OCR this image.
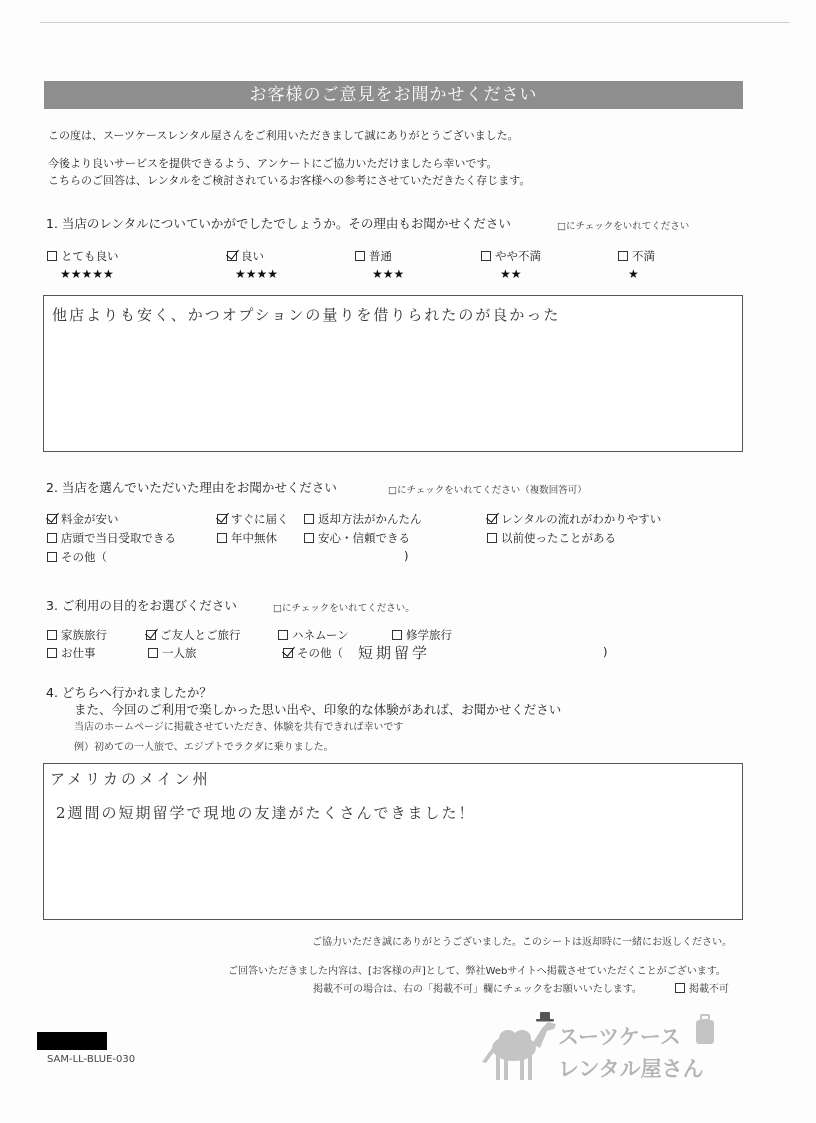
お客様のご意見をお聞かせください
この度は、スーツケースレンタル屋さんをご利用いただきまして誠にありがとうございました。
今後より良いサービスを提供できるよう、アンケートにご協力いただけましたら幸いです。
こちらのご回答は、レンタルをご検討されているお客様への参考にさせていただきたく存じます。
1. 当店のレンタルについていかがでしたでしょうか。その理由もお聞かせください	□にチェックをいれてください
とても良い
★★★★★
良い
★★★★
普通
★★★
やや不満
★★
不満
★
他店よりも安く、かつオプションの量りを借りられたのが良かった
2. 当店を選んでいただいた理由をお聞かせください	□にチェックをいれてください（複数回答可）
料金が安い	すぐに届く	返却方法がかんたん	レンタルの流れがわかりやすい
店頭で当日受取できる	年中無休	安心・信頼できる	以前使ったことがある
その他（	)
3. ご利用の目的をお選びください	□にチェックをいれてください。
家族旅行	ご友人とご旅行	ハネムーン	修学旅行
お仕事	一人旅	その他（ 短期留学	)
4. どちらへ行かれましたか？
また、今回のご利用で楽しかった思い出や、印象的な体験があれば、お聞かせください
当店のホームページに掲載させていただき、体験を共有できれば幸いです
例）初めての一人旅で、エジプトでラクダに乗りました。
アメリカのメイン州
2週間の短期留学で現地の友達がたくさんできました！
ご協力いただき誠にありがとうございました。このシートは返却時に一緒にお返しください。
ご回答いただきました内容は、[お客様の声]として、弊社Webサイトへ掲載させていただくことがございます。
掲載不可の場合は、右の「掲載不可」欄にチェックをお願いいたします。	掲載不可
SAM-LL-BLUE-030
スーツケース
レンタル屋さん
